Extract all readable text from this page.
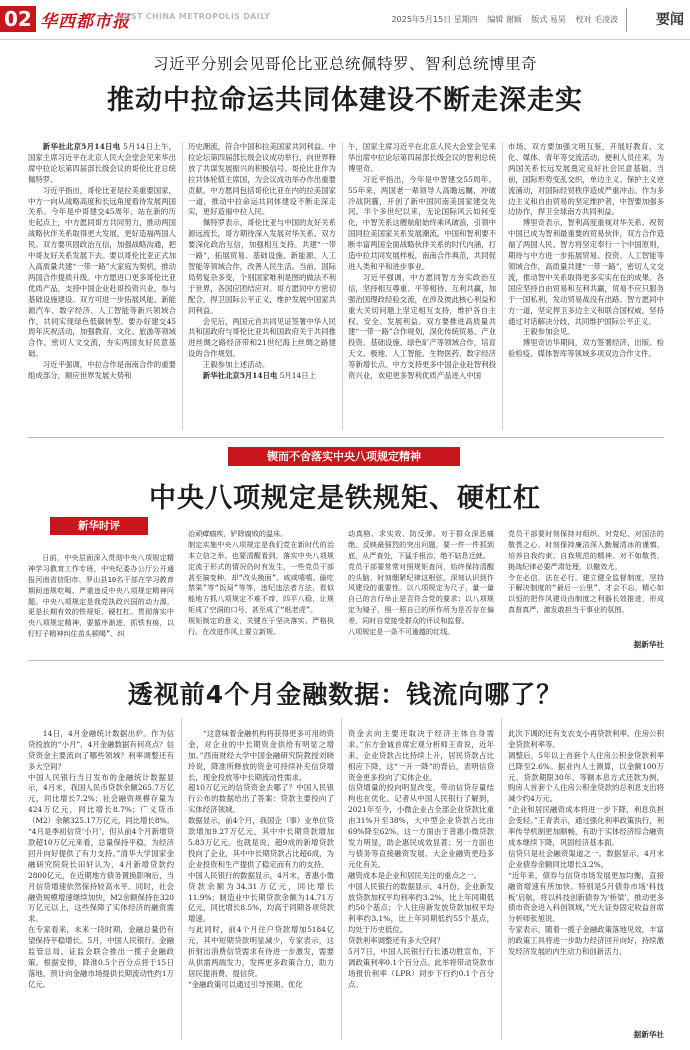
02 华西都市报
WEST CHINA METROPOLIS DAILY	2025年5月15日 星期四 编辑 谢颖 版式 易昊 校对 毛凌波	要闻
习近平分别会见哥伦比亚总统佩特罗、智利总统博里奇
推动中拉命运共同体建设不断走深走实

新华社北京5月14日电 5月14日上午，国家主席习近平在北京人民大会堂会见来华出席中拉论坛第四届部长级会议的哥伦比亚总统佩特罗。

习近平指出，哥伦比亚是拉美重要国家，中方一向从战略高度和长远角度看待发展两国关系。今年是中哥建交45周年。站在新的历史起点上，中方愿同哥方共同努力，推动两国战略伙伴关系取得更大发展，更好造福两国人民。双方要巩固政治互信，加强战略沟通，把中哥友好关系发展下去。要以哥伦比亚正式加入高质量共建“一带一路”大家庭为契机，推动两国合作提质升级。中方愿进口更多哥伦比亚优质产品，支持中国企业赴哥投资兴业，参与基础设施建设。双方可进一步拓展风能、新能源汽车、数字经济、人工智能等新兴领域合作，共同实现绿色低碳转型。要办好建交45周年庆祝活动，加强教育、文化、旅游等领域合作，密切人文交流，夯实两国友好民意基础。

习近平强调，中拉合作是南南合作的重要组成部分，顺应世界发展大势和

历史潮流，符合中国和拉美国家共同利益。中拉论坛第四届部长级会议成功举行，向世界释放了共谋发展振兴的积极信号。哥伦比亚作为拉共体轮值主席国，为会议成功举办作出重要贡献。中方愿同包括哥伦比亚在内的拉美国家一道，推动中拉命运共同体建设不断走深走实，更好造福中拉人民。

佩特罗表示，哥伦比亚与中国的友好关系源远流长，哥方期待深入发展对华关系。双方要深化政治互信，加强相互支持。共建“一带一路”，拓展贸易、基础设施、新能源、人工智能等领域合作，改善人民生活。当前，国际局势复杂多变，个别国家唯利是图的做法不利于世界，各国应团结应对。哥方愿同中方密切配合，捍卫国际公平正义，维护发展中国家共同利益。

会见后，两国元首共同见证签署中华人民共和国政府与哥伦比亚共和国政府关于共同推进丝绸之路经济带和21世纪海上丝绸之路建设的合作规划。

王毅参加上述活动。

新华社北京5月14日电 5月14日上

午，国家主席习近平在北京人民大会堂会见来华出席中拉论坛第四届部长级会议的智利总统博里奇。

习近平指出，今年是中智建交55周年。55年来，两国老一辈领导人高瞻远瞩，冲破冷战阴霾，开创了新中国同南美国家建交先河。半个多世纪以来，无论国际风云如何变化，中智关系这艘航船始终乘风破浪，引领中国同拉美国家关系发展潮流。中国和智利要不断丰富两国全面战略伙伴关系的时代内涵，打造中拉共同发展样板，南南合作典范，共同促进人类和平和进步事业。

习近平强调，中方愿同智方夯实政治互信，坚持相互尊重、平等相待、互利共赢，加强治国理政经验交流，在涉及彼此核心利益和重大关切问题上坚定相互支持，维护各自主权、安全、发展利益。双方要推进高质量共建“一带一路”合作规划，深化传统贸易、产业投资、基础设施、绿色矿产等领域合作，培育天文、极地、人工智能、生物医药、数字经济等新增长点。中方支持更多中国企业赴智利投资兴业，欢迎更多智利优质产品进入中国

市场。双方要加强文明互鉴，开展好教育、文化、媒体、青年等交流活动，便利人员往来，为两国关系长远发展奠定良好社会民意基础。当前，国际形势变乱交织，单边主义、保护主义逆流涌动，对国际经贸秩序造成严重冲击。作为多边主义和自由贸易的坚定维护者，中智要加强多边协作，捍卫全球南方共同利益。

博里奇表示，智利高度重视对华关系。祝贺中国已成为智利最重要的贸易伙伴，双方合作造福了两国人民。智方将坚定奉行一个中国原则，期待与中方进一步拓展贸易、投资、人工智能等领域合作，高质量共建“一带一路”，密切人文交流，推动智中关系取得更多实实在在的成果。各国应坚持自由贸易和互利共赢，贸易不应只服务于一国私利，发动贸易战没有出路。智方愿同中方一道，坚定捍卫多边主义和联合国权威，坚持通过对话解决分歧，共同维护国际公平正义。

王毅参加会见。

博里奇访华期间，双方签署经济、出版、检验检疫、媒体智库等领域多项双边合作文件。

锲而不舍落实中央八项规定精神
中央八项规定是铁规矩、硬杠杠
新华时评

日前，中央层面深入贯彻中央八项规定精神学习教育工作专班，中央纪委办公厅公开通报河南省信阳市、罗山县10名干部在学习教育期间违规吃喝、严重违反中央八项规定精神问题。中央八项规定是我党执政兴国的动力源，更是长期有效的铁规矩、硬杠杠。贯彻落实中央八项规定精神，要循序渐进，抓铁有痕，以钉钉子精神纠住苗头顿喝”、纠

治顽瘴痼疾，铲除腐败的温床。
制定实施中央八项规定是我们党在新时代的治本立信之举。也要清醒看到，落实中央八项规定流于形式的情况仍时有发生，一些党员干部甚至搞变种，却“改头换面”、咸咸嘻嘻、偷吃禁果”等“饭局”等等，违纪违法者方法，看似能地方抓八项规定不难不痒，四平八稳，让规矩成了空洞的口号，甚至成了“纸老虎”。
规矩制定的意义，关键在于坚决落实、严格执行。在改进作风上要立新规、

动真格、求实效、防反弹。对于群众深恶痛绝、反映最强烈的突出问题，要一件一件抓到底，从严查处，下猛手根治，绝不姑息迁就。
党员干部要常常对照规矩查问，始终保持清醒的头脑，时刻绷紧纪律这根弦，深刻认识到作风建设的重要性。以八项规定为尺子，量一量自己的言行举止是否符合党的要求；以八项规定为镜子，照一照自己的所作所为是否存在偏差，同时自觉接受群众的评议和监督。
八项规定是一条不可逾越的红线。

党员干部要时刻保持对组织、对党纪、对国法的敬畏之心，时刻保持廉洁深入勤履清冰的谨慎，培养自我约束、自我规范的精神。对不如敬畏，挑战纪律必要严肃处理，以儆效尤。
令在必信，法在必行。建立健全监督制度，坚持于解决制度的“最后一公里”，才会不忘，精心如以恒的把作风建设由制度之利器长效推进，形成真督真严，激发敢担当干事业的氛围。

据新华社

透视前4个月金融数据：钱流向哪了？

14日，4月金融统计数据出炉。作为信贷投放的“小月”，4月金融数据有何亮点？信贷资金主要流向了哪些领域？利率调整还有多大空间？
中国人民银行当日发布的金融统计数据显示，4月末，我国人民币贷款余额265.7万亿元，同比增长7.2%；社会融资规模存量为424万亿元，同比增长8.7%；广义货币（M2）余额325.17万亿元，同比增长8%。
“4月是季初信贷‘小月’，但从前4个月新增贷款超10万亿元来看，总量保持平稳，为经济回升向好提供了有力支持。”清华大学国家金融研究院院长田轩认为，4月新增贷款约2800亿元，在近期地方债务置换影响后，当月信贷增速依然保持较高水平。同时，社会融资规模增速继续加快，M2余额保持在320万亿元以上，这些保障了实体经济的融资需求。
在专家看来，未来一段时期，金融总量仍有望保持平稳增长。5月，中国人民银行、金融监管总局、证监会联合推出一揽子金融政策。根据安排，降准0.5个百分点将于15日落地，预计向金融市场提供长期流动性约1万亿元。

“这意味着金融机构将获得更多可用的资金，对企业的中长期资金供给有明显之增加。”西南财经大学中国金融研究院教授刘晓玲说，降准所释放的资金可持续补充信贷增长，现金投放等中长期流动性需求。
超10万亿元的信贷资金去哪了？中国人民银行公布的数据给出了答案：贷款主要投向了实体经济领域。
数据显示，前4个月，我国企（事）业单位贷款增加9.27万亿元，其中中长期贷款增加5.83万亿元。也就是说，超9成的新增贷款投向了企业，其中中长期贷款占比超6成，为企业投资和生产提供了稳定而有力的支持。
中国人民银行的数据显示，4月末，普惠小微贷款余额为34.31万亿元，同比增长11.9%；制造业中长期贷款余额为14.71万亿元，同比增长8.5%，均高于同期各项贷款增速。
与此同时，前4个月住户贷款增加5184亿元，其中短期贷款明显减少，专家表示，这折射出消费信贷需求有待进一步激发，需要从供需两端发力，发挥更多政策合力，助力居民提消费、提信贷。
“金融政策可以通过引导预期、优化

资金去向主要还取决于经济主体自身需求。”东方金诚首席宏观分析师王青说，近年来，企业贷款占比持续上升，居民贷款占比相应下降，这“一升一降”的背后，表明信贷资金更多投向了实体企业。
信贷增量的投向明显改变，带动信贷存量结构也在优化。记者从中国人民银行了解到，2021年至今，小微企业占全部企业贷款比重由31%升至38%，大中型企业贷款占比由69%降至62%。这一方面由于普惠小微贷款发力明显，助企惠民成效显著；另一方面也与债务等直接融资发展、大企业融资更趋多元化有关。
融资成本是企业和居民关注的重点之一。
中国人民银行的数据显示，4月份，企业新发放贷款加权平均利率约3.2%，比上年同期低约50个基点；个人住房新发放贷款加权平均利率约3.1%，比上年同期低约55个基点，均处于历史低位。
贷款利率调整还有多大空间？
5月7日，中国人民银行行长潘功胜宣布，下调政策利率0.1个百分点。此举将带动贷款市场报价利率（LPR）同步下行约0.1个百分点。

此次下调的还有支农支小再贷款利率、住房公积金贷款利率等。
调整后，5年以上首套个人住房公积金贷款利率已降至2.6%。据业内人士测算，以金额100万元、贷款期限30年、等额本息方式还款为例，购房人首套个人住房公积金贷款的总利息支出将减少约4万元。
“企业和居民融资成本将进一步下降，利息负担会变轻。”王青表示，通过强化利率政策执行，利率传导机制更加顺畅，有助于实体经济综合融资成本继续下降，巩固经济基本面。
信贷只是社会融资渠道之一。数据显示，4月末企业债券余额同比增长3.2%。
“近年来，债券与信贷市场发展更加均衡，直接融资增速有所加快。特别是5月债券市场‘科技板’启航，将以科技创新债券为‘桥梁’，推动更多债市资金进入科创领域，”光大证券固定收益首席分析师张旭说。
专家表示，随着一揽子金融政策落地见效，丰富的政策工具将进一步助力经济回升向好，持续激发经济发展的内生动力和创新活力。

据新华社
